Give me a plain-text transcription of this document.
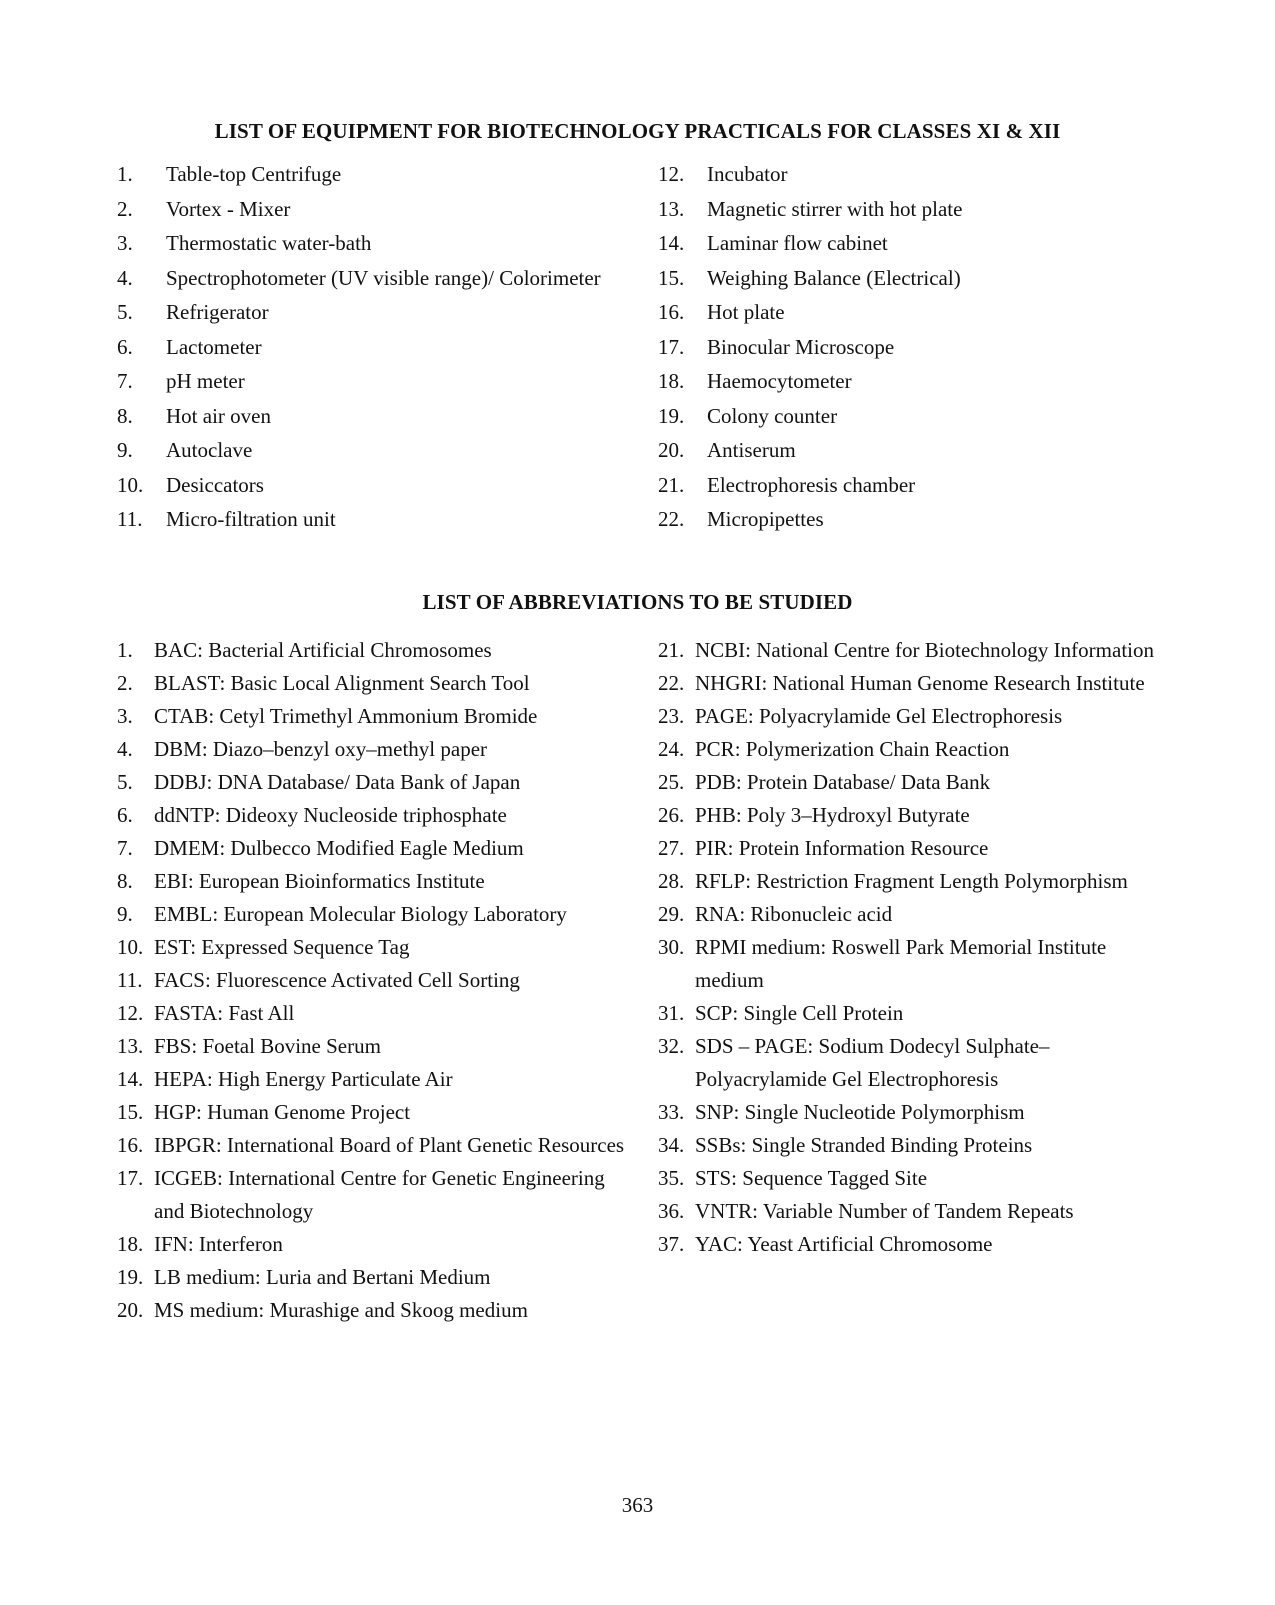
LIST OF EQUIPMENT FOR BIOTECHNOLOGY PRACTICALS FOR CLASSES XI & XII
1. Table-top Centrifuge
2. Vortex - Mixer
3. Thermostatic water-bath
4. Spectrophotometer (UV visible range)/ Colorimeter
5. Refrigerator
6. Lactometer
7. pH meter
8. Hot air oven
9. Autoclave
10. Desiccators
11. Micro-filtration unit
12. Incubator
13. Magnetic stirrer with hot plate
14. Laminar flow cabinet
15. Weighing Balance (Electrical)
16. Hot plate
17. Binocular Microscope
18. Haemocytometer
19. Colony counter
20. Antiserum
21. Electrophoresis chamber
22. Micropipettes
LIST OF ABBREVIATIONS TO BE STUDIED
1. BAC: Bacterial Artificial Chromosomes
2. BLAST: Basic Local Alignment Search Tool
3. CTAB: Cetyl Trimethyl Ammonium Bromide
4. DBM: Diazo–benzyl oxy–methyl paper
5. DDBJ: DNA Database/ Data Bank of Japan
6. ddNTP: Dideoxy Nucleoside triphosphate
7. DMEM: Dulbecco Modified Eagle Medium
8. EBI: European Bioinformatics Institute
9. EMBL: European Molecular Biology Laboratory
10. EST: Expressed Sequence Tag
11. FACS: Fluorescence Activated Cell Sorting
12. FASTA: Fast All
13. FBS: Foetal Bovine Serum
14. HEPA: High Energy Particulate Air
15. HGP: Human Genome Project
16. IBPGR: International Board of Plant Genetic Resources
17. ICGEB: International Centre for Genetic Engineering and Biotechnology
18. IFN: Interferon
19. LB medium: Luria and Bertani Medium
20. MS medium: Murashige and Skoog medium
21. NCBI: National Centre for Biotechnology Information
22. NHGRI: National Human Genome Research Institute
23. PAGE: Polyacrylamide Gel Electrophoresis
24. PCR: Polymerization Chain Reaction
25. PDB: Protein Database/ Data Bank
26. PHB: Poly 3–Hydroxyl Butyrate
27. PIR: Protein Information Resource
28. RFLP: Restriction Fragment Length Polymorphism
29. RNA: Ribonucleic acid
30. RPMI medium: Roswell Park Memorial Institute medium
31. SCP: Single Cell Protein
32. SDS – PAGE: Sodium Dodecyl Sulphate– Polyacrylamide Gel Electrophoresis
33. SNP: Single Nucleotide Polymorphism
34. SSBs: Single Stranded Binding Proteins
35. STS: Sequence Tagged Site
36. VNTR: Variable Number of Tandem Repeats
37. YAC: Yeast Artificial Chromosome
363
